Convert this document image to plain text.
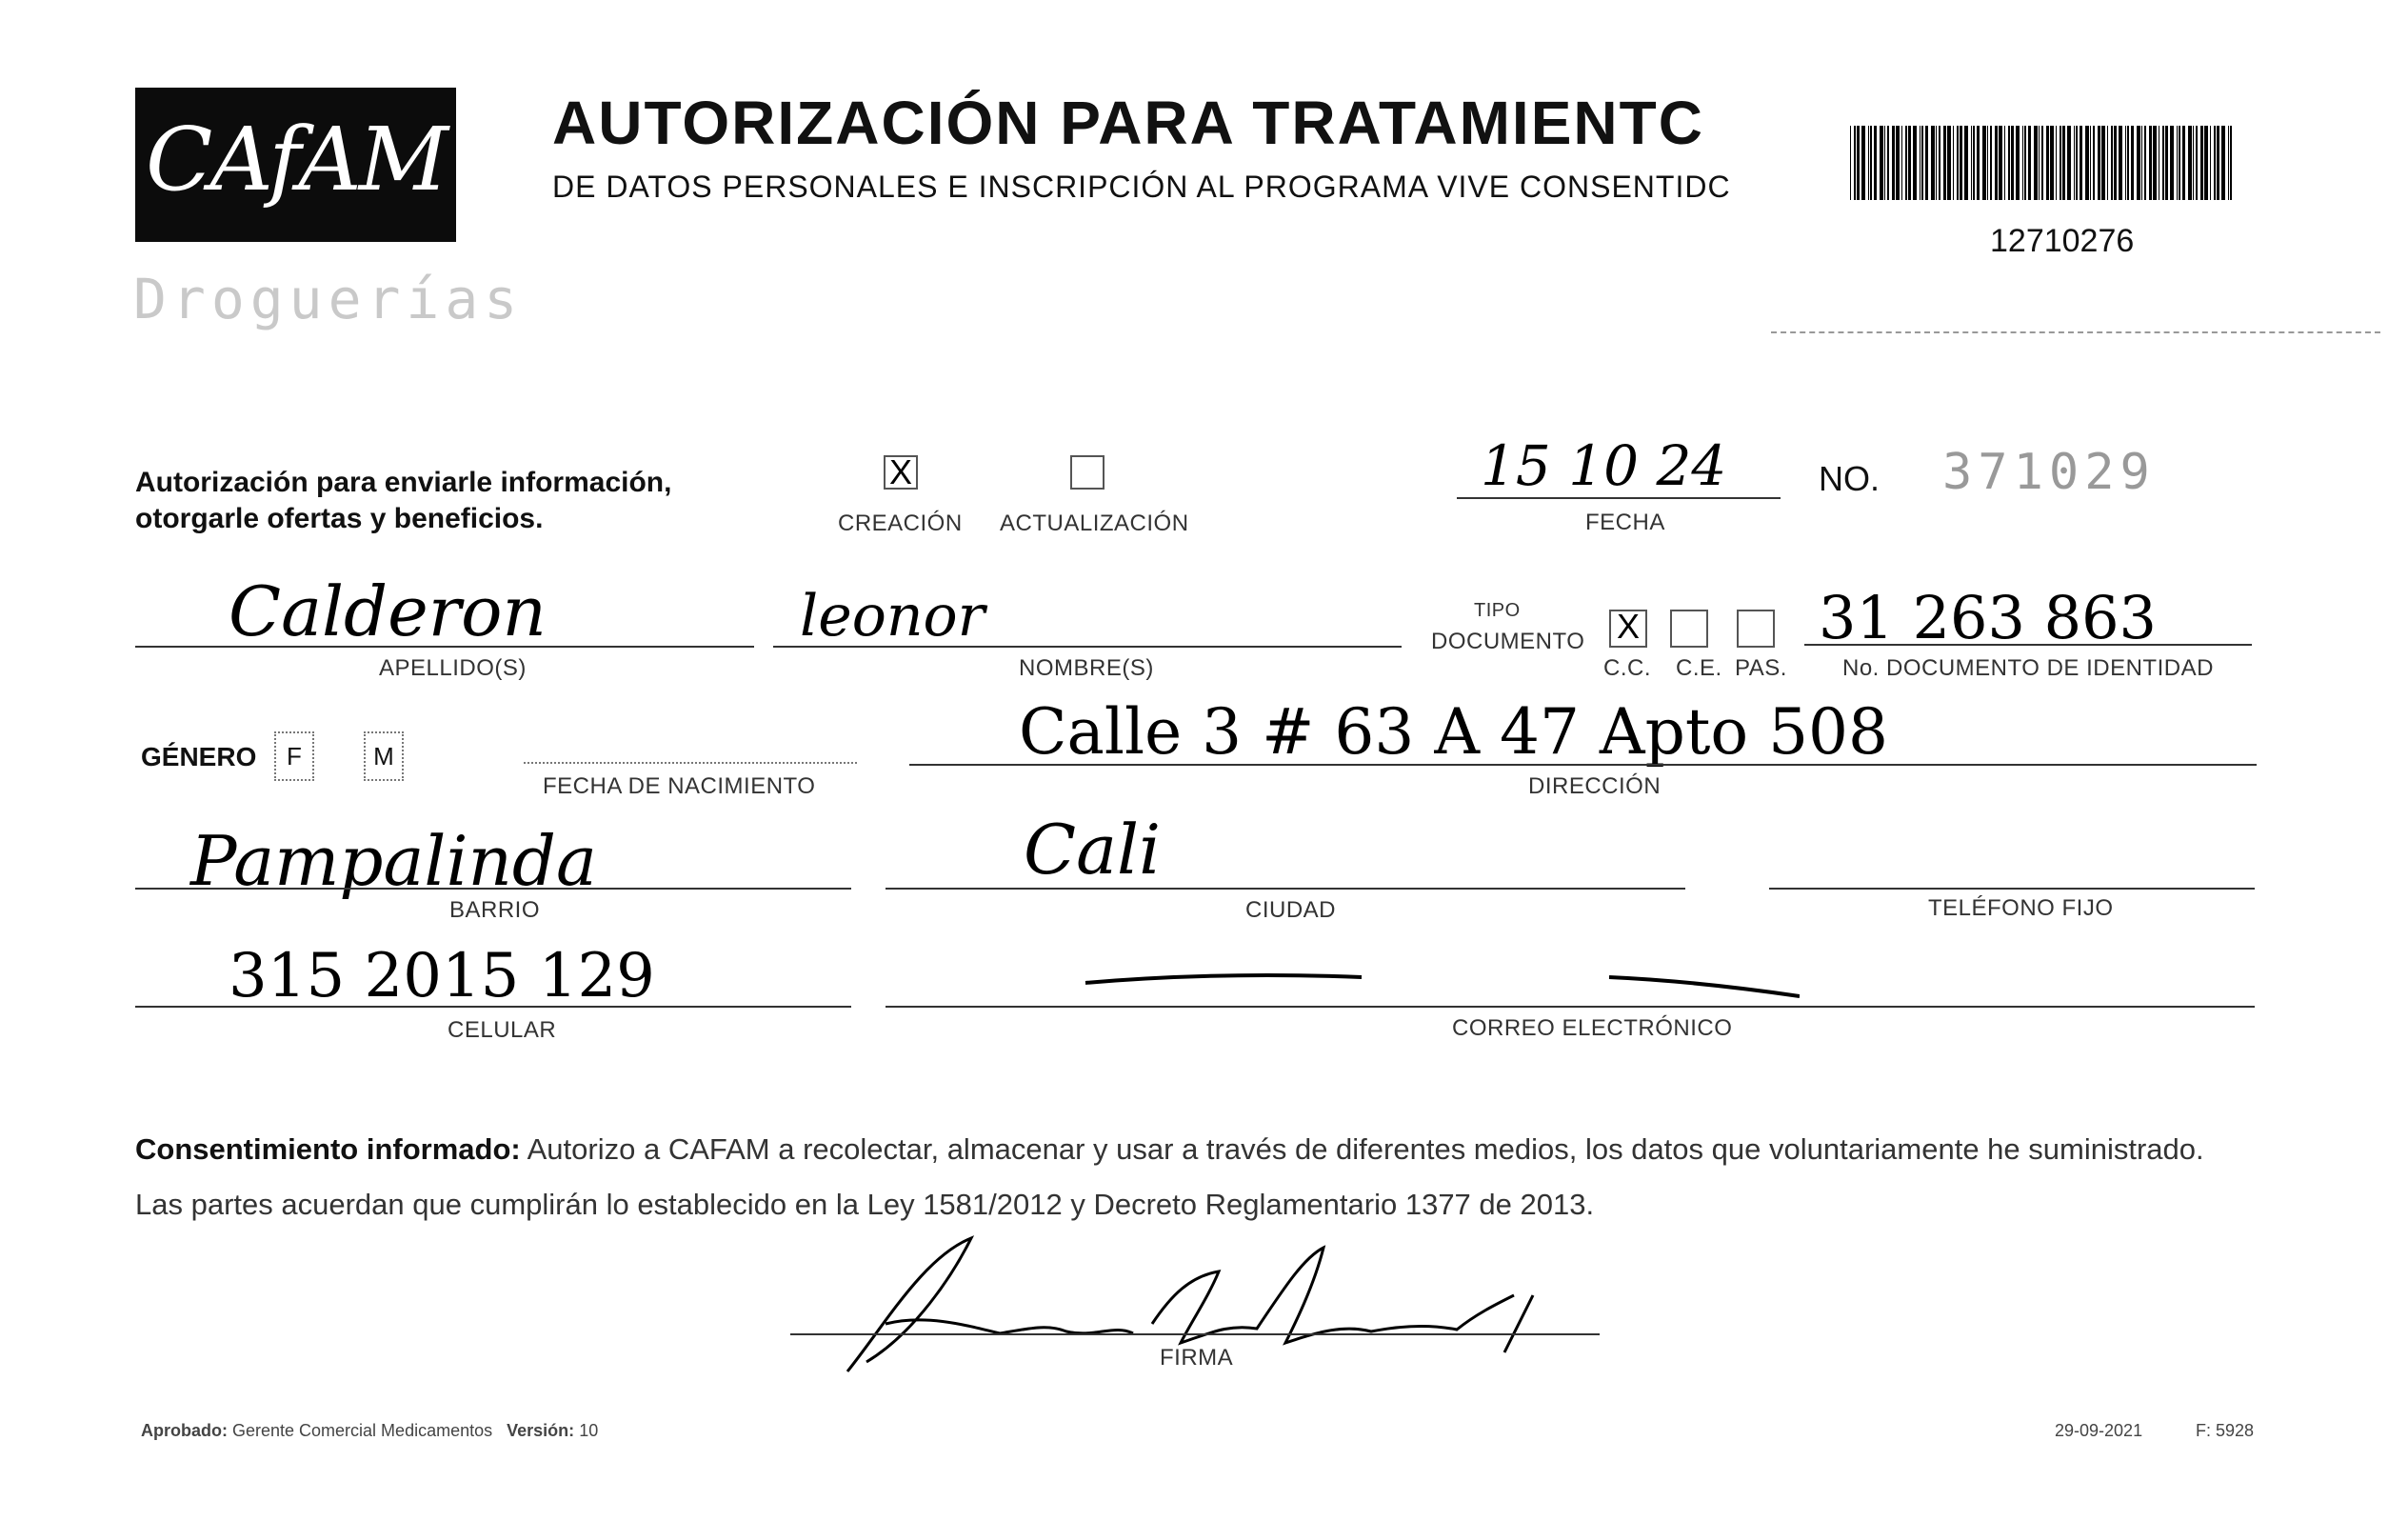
CAfAM
Droguerías
AUTORIZACIÓN PARA TRATAMIENTC
DE DATOS PERSONALES E INSCRIPCIÓN AL PROGRAMA VIVE CONSENTIDC
12710276
Autorización para enviarle información,
otorgarle ofertas y beneficios.
X
CREACIÓN ACTUALIZACIÓN
15 10 24
FECHA
NO. 371029
Calderon
APELLIDO(S)
leonor
NOMBRE(S)
TIPO
DOCUMENTO X
C.C. C.E. PAS.
31 263 863
No. DOCUMENTO DE IDENTIDAD
GÉNERO	F	M
FECHA DE NACIMIENTO
Calle 3 # 63 A 47 Apto 508
DIRECCIÓN
Pampalinda
BARRIO
Cali
CIUDAD	TELÉFONO FIJO
315 2015 129
CELULAR	CORREO ELECTRÓNICO
Consentimiento informado: Autorizo a CAFAM a recolectar, almacenar y usar a través de diferentes medios, los datos que voluntariamente he suministrado.
Las partes acuerdan que cumplirán lo establecido en la Ley 1581/2012 y Decreto Reglamentario 1377 de 2013.
FIRMA
Aprobado: Gerente Comercial Medicamentos Versión: 10	29-09-2021	F: 5928
